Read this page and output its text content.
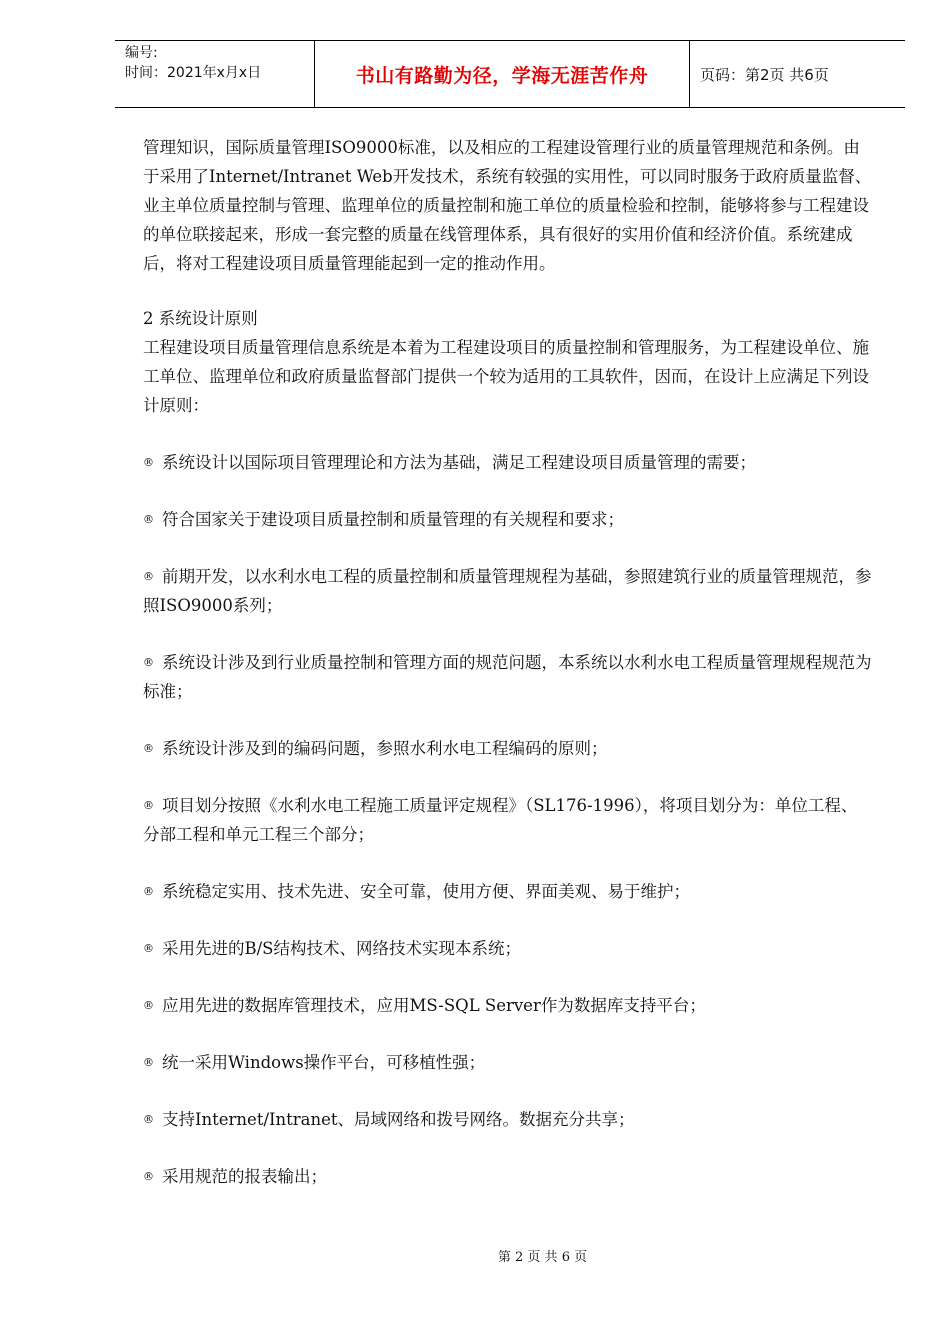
编号:
时间：2021年x月x日	书山有路勤为径，学海无涯苦作舟	页码：第2页 共6页

管理知识，国际质量管理ISO9000标准，以及相应的工程建设管理行业的质量管理规范和条例。由于采用了Internet/Intranet Web开发技术，系统有较强的实用性，可以同时服务于政府质量监督、业主单位质量控制与管理、监理单位的质量控制和施工单位的质量检验和控制，能够将参与工程建设的单位联接起来，形成一套完整的质量在线管理体系，具有很好的实用价值和经济价值。系统建成后，将对工程建设项目质量管理能起到一定的推动作用。

2 系统设计原则

工程建设项目质量管理信息系统是本着为工程建设项目的质量控制和管理服务，为工程建设单位、施工单位、监理单位和政府质量监督部门提供一个较为适用的工具软件，因而，在设计上应满足下列设计原则：

® 系统设计以国际项目管理理论和方法为基础，满足工程建设项目质量管理的需要；

® 符合国家关于建设项目质量控制和质量管理的有关规程和要求；

® 前期开发，以水利水电工程的质量控制和质量管理规程为基础，参照建筑行业的质量管理规范，参照ISO9000系列；

® 系统设计涉及到行业质量控制和管理方面的规范问题，本系统以水利水电工程质量管理规程规范为标准；

® 系统设计涉及到的编码问题，参照水利水电工程编码的原则；

® 项目划分按照《水利水电工程施工质量评定规程》（SL176-1996），将项目划分为：单位工程、分部工程和单元工程三个部分；

® 系统稳定实用、技术先进、安全可靠，使用方便、界面美观、易于维护；

® 采用先进的B/S结构技术、网络技术实现本系统；

® 应用先进的数据库管理技术，应用MS-SQL Server作为数据库支持平台；

® 统一采用Windows操作平台，可移植性强；

® 支持Internet/Intranet、局域网络和拨号网络。数据充分共享；

® 采用规范的报表输出；

第 2 页 共 6 页
